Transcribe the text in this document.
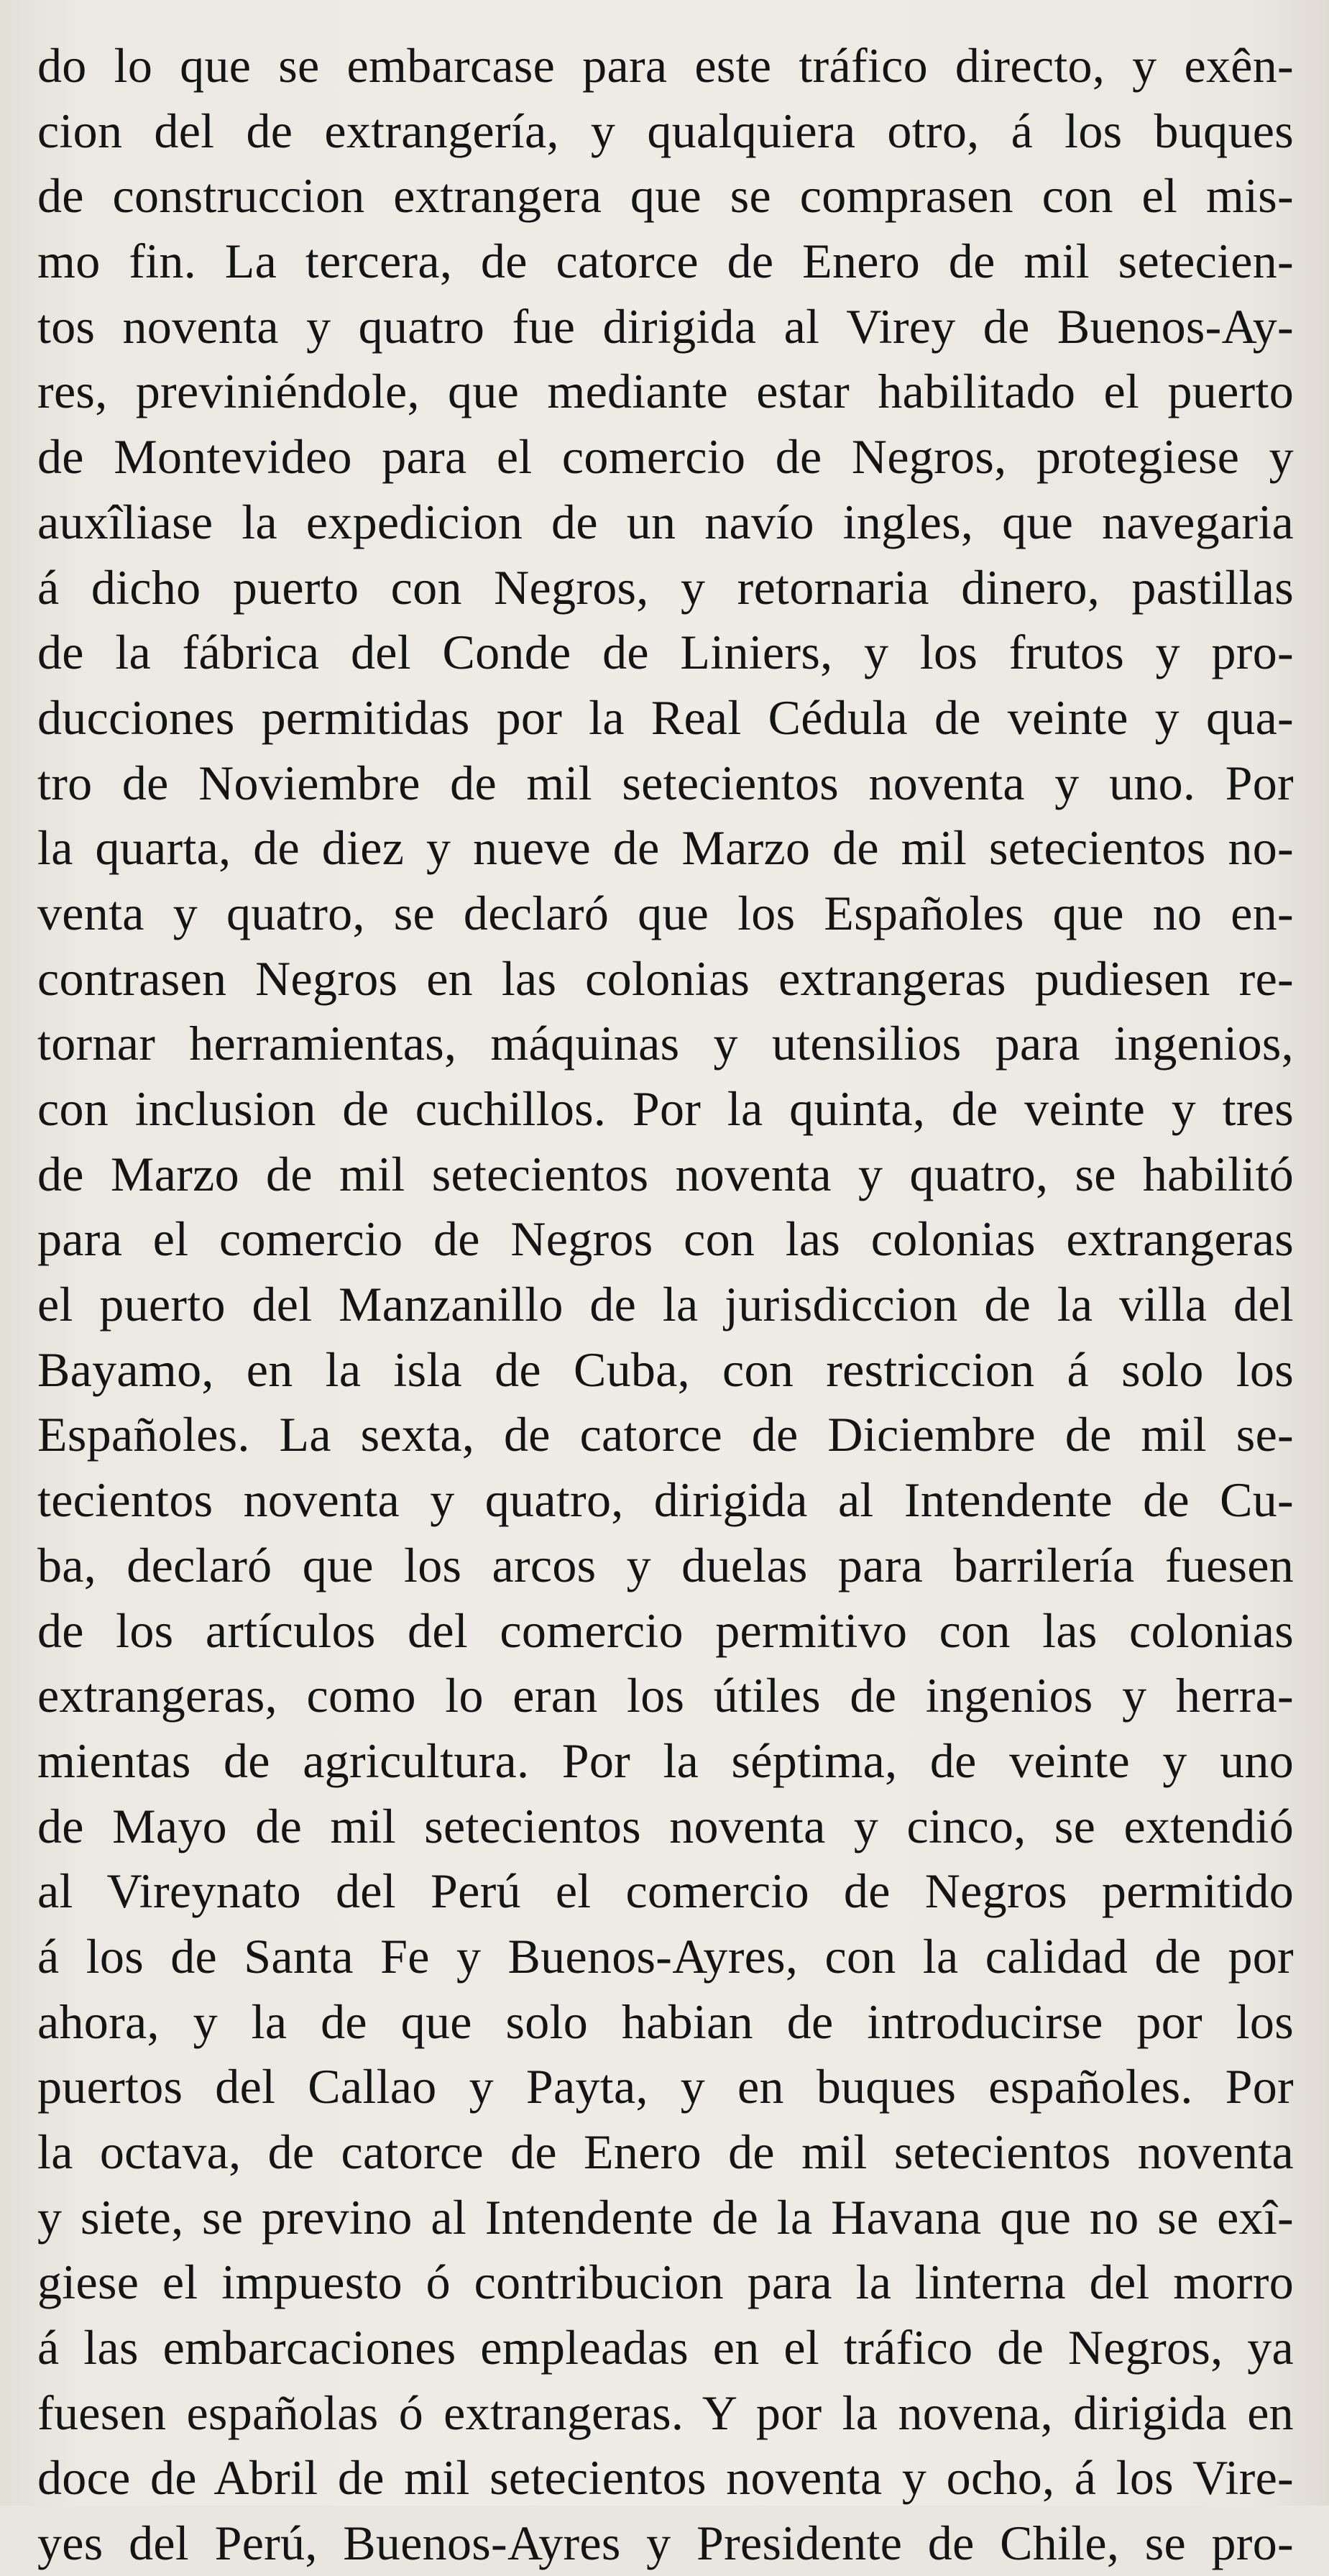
do lo que se embarcase para este tráfico directo, y exên-
cion del de extrangería, y qualquiera otro, á los buques
de construccion extrangera que se comprasen con el mis-
mo fin. La tercera, de catorce de Enero de mil setecien-
tos noventa y quatro fue dirigida al Virey de Buenos-Ay-
res, previniéndole, que mediante estar habilitado el puerto
de Montevideo para el comercio de Negros, protegiese y
auxîliase la expedicion de un navío ingles, que navegaria
á dicho puerto con Negros, y retornaria dinero, pastillas
de la fábrica del Conde de Liniers, y los frutos y pro-
ducciones permitidas por la Real Cédula de veinte y qua-
tro de Noviembre de mil setecientos noventa y uno. Por
la quarta, de diez y nueve de Marzo de mil setecientos no-
venta y quatro, se declaró que los Españoles que no en-
contrasen Negros en las colonias extrangeras pudiesen re-
tornar herramientas, máquinas y utensilios para ingenios,
con inclusion de cuchillos. Por la quinta, de veinte y tres
de Marzo de mil setecientos noventa y quatro, se habilitó
para el comercio de Negros con las colonias extrangeras
el puerto del Manzanillo de la jurisdiccion de la villa del
Bayamo, en la isla de Cuba, con restriccion á solo los
Españoles. La sexta, de catorce de Diciembre de mil se-
tecientos noventa y quatro, dirigida al Intendente de Cu-
ba, declaró que los arcos y duelas para barrilería fuesen
de los artículos del comercio permitivo con las colonias
extrangeras, como lo eran los útiles de ingenios y herra-
mientas de agricultura. Por la séptima, de veinte y uno
de Mayo de mil setecientos noventa y cinco, se extendió
al Vireynato del Perú el comercio de Negros permitido
á los de Santa Fe y Buenos-Ayres, con la calidad de por
ahora, y la de que solo habian de introducirse por los
puertos del Callao y Payta, y en buques españoles. Por
la octava, de catorce de Enero de mil setecientos noventa
y siete, se previno al Intendente de la Havana que no se exî-
giese el impuesto ó contribucion para la linterna del morro
á las embarcaciones empleadas en el tráfico de Negros, ya
fuesen españolas ó extrangeras. Y por la novena, dirigida en
doce de Abril de mil setecientos noventa y ocho, á los Vire-
yes del Perú, Buenos-Ayres y Presidente de Chile, se pro-
